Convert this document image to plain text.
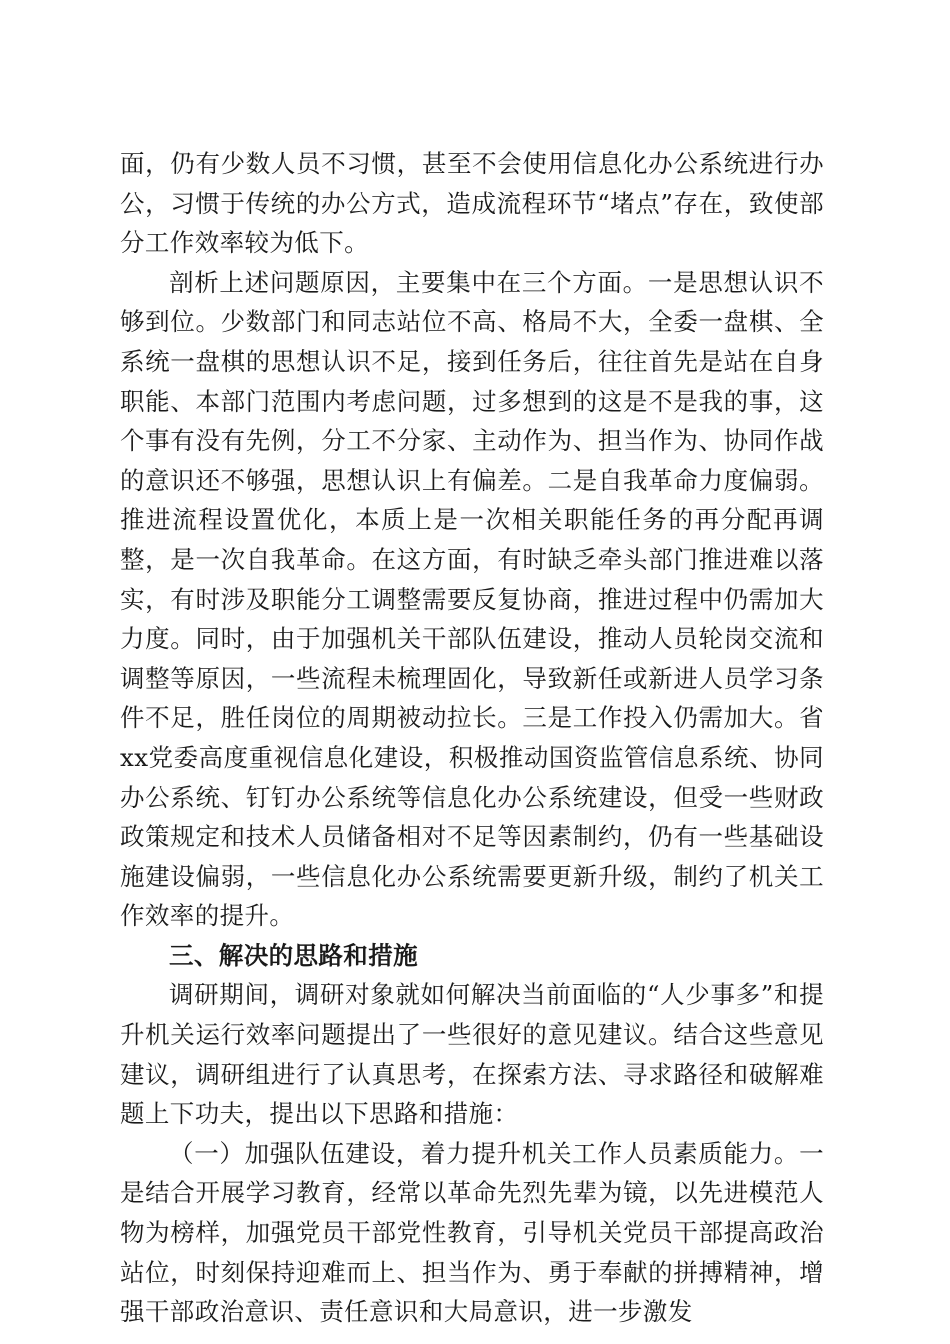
面，仍有少数人员不习惯，甚至不会使用信息化办公系统进行办公，习惯于传统的办公方式，造成流程环节“堵点”存在，致使部分工作效率较为低下。

剖析上述问题原因，主要集中在三个方面。一是思想认识不够到位。少数部门和同志站位不高、格局不大，全委一盘棋、全系统一盘棋的思想认识不足，接到任务后，往往首先是站在自身职能、本部门范围内考虑问题，过多想到的这是不是我的事，这个事有没有先例，分工不分家、主动作为、担当作为、协同作战的意识还不够强，思想认识上有偏差。二是自我革命力度偏弱。推进流程设置优化，本质上是一次相关职能任务的再分配再调整，是一次自我革命。在这方面，有时缺乏牵头部门推进难以落实，有时涉及职能分工调整需要反复协商，推进过程中仍需加大力度。同时，由于加强机关干部队伍建设，推动人员轮岗交流和调整等原因，一些流程未梳理固化，导致新任或新进人员学习条件不足，胜任岗位的周期被动拉长。三是工作投入仍需加大。省xx党委高度重视信息化建设，积极推动国资监管信息系统、协同办公系统、钉钉办公系统等信息化办公系统建设，但受一些财政政策规定和技术人员储备相对不足等因素制约，仍有一些基础设施建设偏弱，一些信息化办公系统需要更新升级，制约了机关工作效率的提升。

三、解决的思路和措施

调研期间，调研对象就如何解决当前面临的“人少事多”和提升机关运行效率问题提出了一些很好的意见建议。结合这些意见建议，调研组进行了认真思考，在探索方法、寻求路径和破解难题上下功夫，提出以下思路和措施：

（一）加强队伍建设，着力提升机关工作人员素质能力。一是结合开展学习教育，经常以革命先烈先辈为镜，以先进模范人物为榜样，加强党员干部党性教育，引导机关党员干部提高政治站位，时刻保持迎难而上、担当作为、勇于奉献的拼搏精神，增强干部政治意识、责任意识和大局意识，进一步激发
